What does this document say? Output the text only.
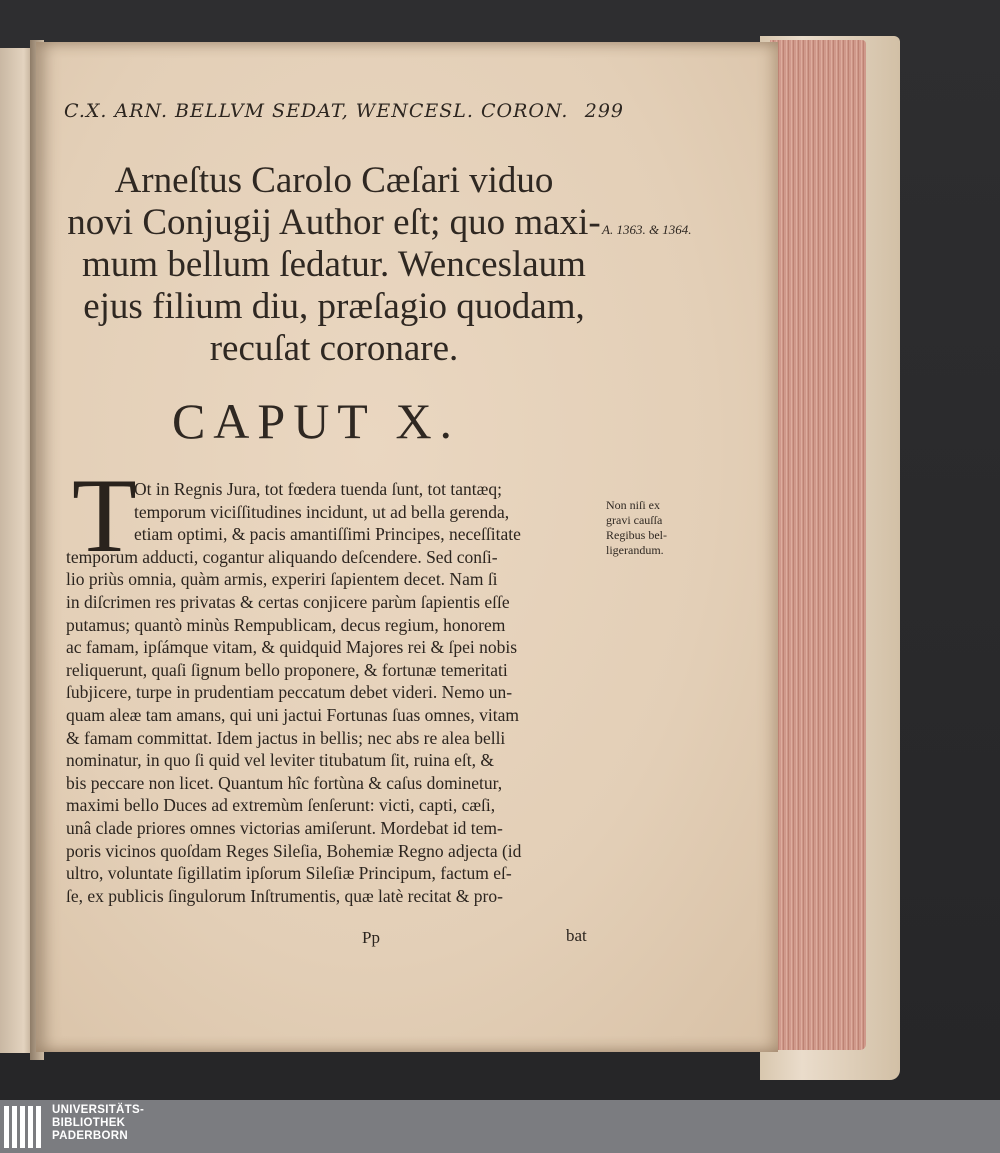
C.X. ARN. BELLVM SEDAT, WENCESL. CORON. 299
Arneſtus Carolo Cæſari viduo
novi Conjugij Author eſt; quo maxi-
mum bellum ſedatur. Wenceslaum
ejus filium diu, præſagio quodam,
recuſat coronare.
A. 1363. & 1364.
CAPUT X.
T
Ot in Regnis Jura, tot fœdera tuenda ſunt, tot tantæq;
temporum viciſſitudines incidunt, ut ad bella gerenda,
etiam optimi, & pacis amantiſſimi Principes, neceſſitate
temporum adducti, cogantur aliquando deſcendere. Sed conſi-
lio priùs omnia, quàm armis, experiri ſapientem decet. Nam ſi
in diſcrimen res privatas & certas conjicere parùm ſapientis eſſe
putamus; quantò minùs Rempublicam, decus regium, honorem
ac famam, ipſámque vitam, & quidquid Majores rei & ſpei nobis
reliquerunt, quaſi ſignum bello proponere, & fortunæ temeritati
ſubjicere, turpe in prudentiam peccatum debet videri. Nemo un-
quam aleæ tam amans, qui uni jactui Fortunas ſuas omnes, vitam
& famam committat. Idem jactus in bellis; nec abs re alea belli
nominatur, in quo ſi quid vel leviter titubatum ſit, ruina eſt, &
bis peccare non licet. Quantum hîc fortùna & caſus dominetur,
maximi bello Duces ad extremùm ſenſerunt: victi, capti, cæſi,
unâ clade priores omnes victorias amiſerunt. Mordebat id tem-
poris vicinos quoſdam Reges Sileſia, Bohemiæ Regno adjecta (id
ultro, voluntate ſigillatim ipſorum Sileſiæ Principum, factum eſ-
ſe, ex publicis ſingulorum Inſtrumentis, quæ latè recitat & pro-
Non niſi ex
gravi cauſſa
Regibus bel-
ligerandum.
Pp	bat
UNIVERSITÄTS-
BIBLIOTHEK
PADERBORN
